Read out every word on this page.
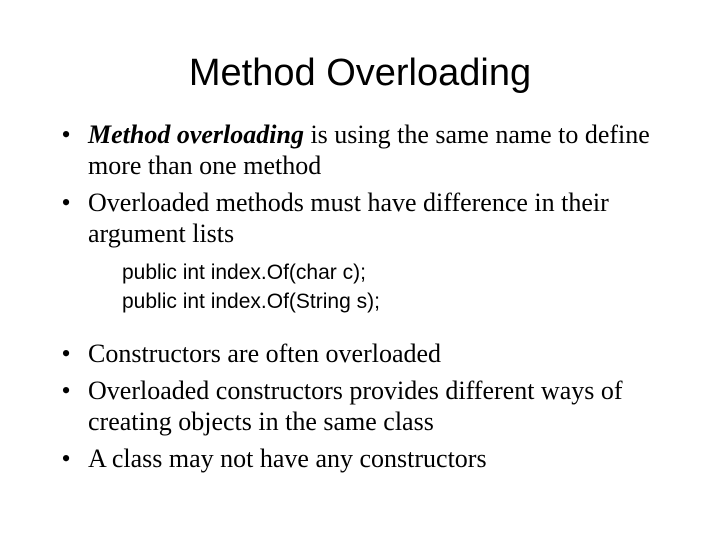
Method Overloading
• Method overloading is using the same name to define more than one method
• Overloaded methods must have difference in their argument lists
public int index.Of(char c);
public int index.Of(String s);
• Constructors are often overloaded
• Overloaded constructors provides different ways of creating objects in the same class
• A class may not have any constructors
